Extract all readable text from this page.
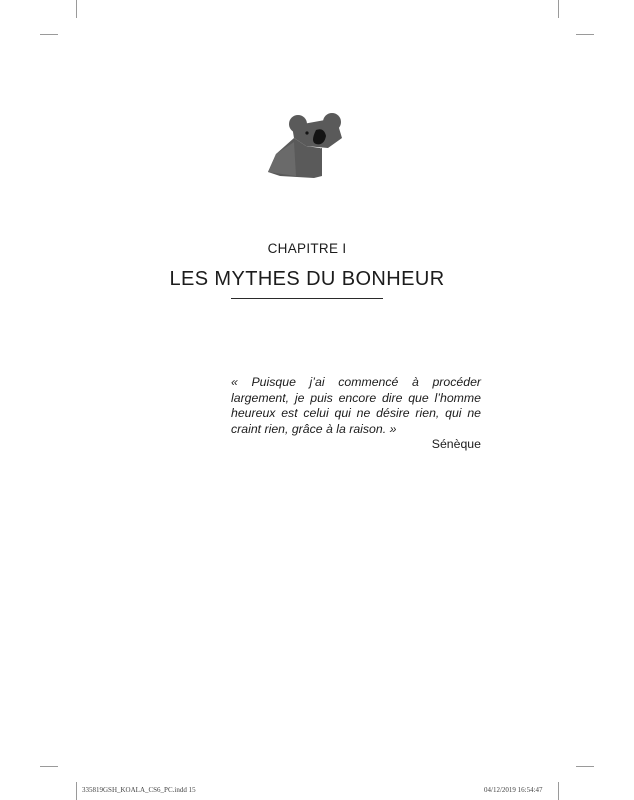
CHAPITRE I
LES MYTHES DU BONHEUR
« Puisque j’ai commencé à procéder largement, je puis encore dire que l’homme heureux est celui qui ne désire rien, qui ne craint rien, grâce à la raison. »
Sénèque
335819GSH_KOALA_CS6_PC.indd 15	04/12/2019 16:54:47
